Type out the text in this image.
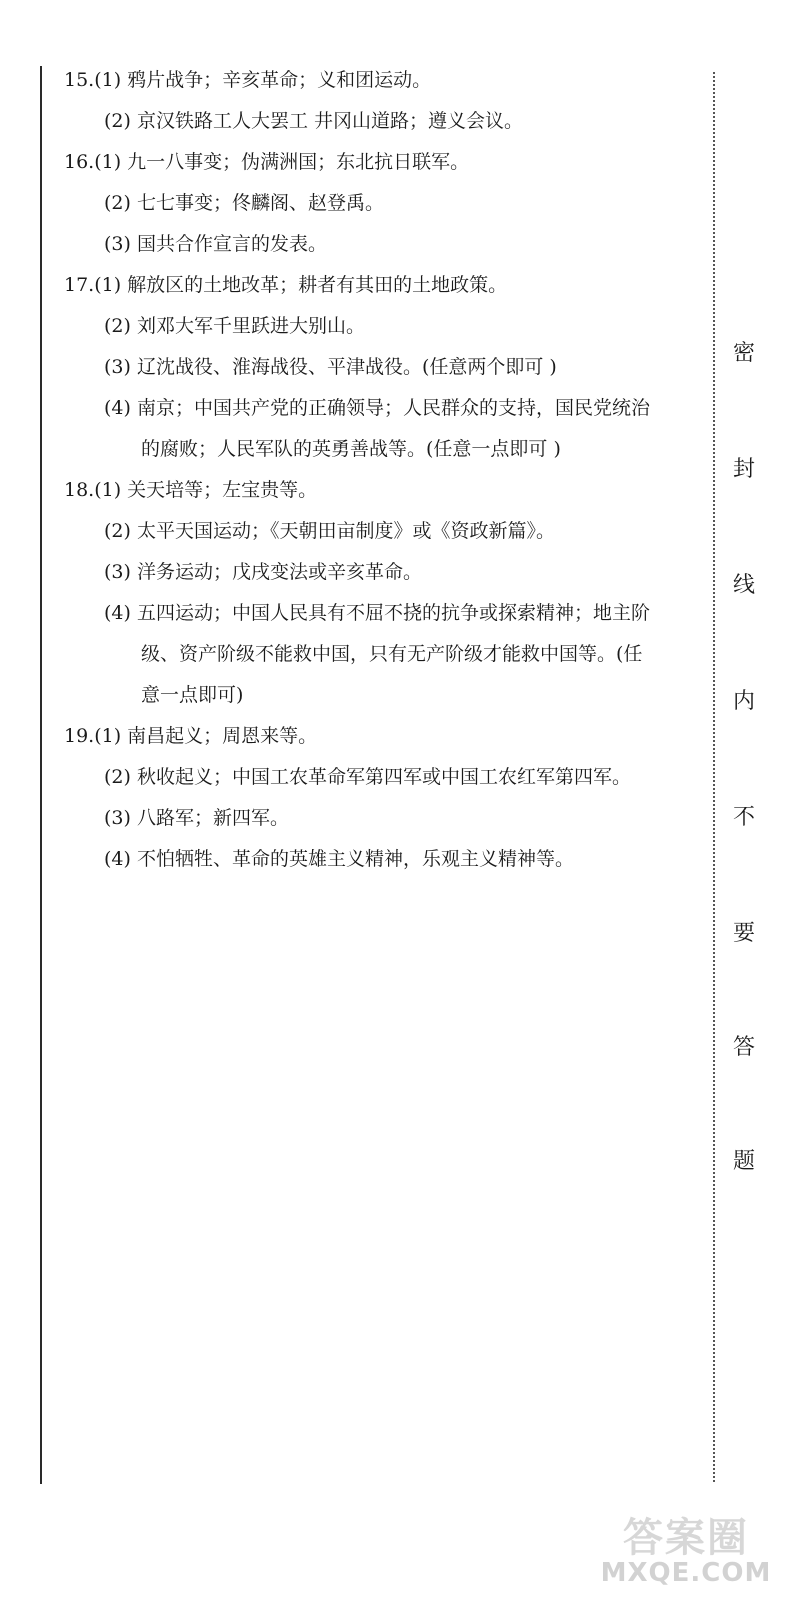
15.(1) 鸦片战争；辛亥革命；义和团运动。
(2) 京汉铁路工人大罢工 井冈山道路；遵义会议。
16.(1) 九一八事变；伪满洲国；东北抗日联军。
(2) 七七事变；佟麟阁、赵登禹。
(3) 国共合作宣言的发表。
17.(1) 解放区的土地改革；耕者有其田的土地政策。
(2) 刘邓大军千里跃进大别山。
(3) 辽沈战役、淮海战役、平津战役。(任意两个即可 )
(4) 南京；中国共产党的正确领导；人民群众的支持，国民党统治
的腐败；人民军队的英勇善战等。(任意一点即可 )
18.(1) 关天培等；左宝贵等。
(2) 太平天国运动；《天朝田亩制度》或《资政新篇》。
(3) 洋务运动；戊戌变法或辛亥革命。
(4) 五四运动；中国人民具有不屈不挠的抗争或探索精神；地主阶
级、资产阶级不能救中国，只有无产阶级才能救中国等。(任
意一点即可)
19.(1) 南昌起义；周恩来等。
(2) 秋收起义；中国工农革命军第四军或中国工农红军第四军。
(3) 八路军；新四军。
(4) 不怕牺牲、革命的英雄主义精神，乐观主义精神等。
密
封
线
内
不
要
答
题
答案圈
MXQE.COM
